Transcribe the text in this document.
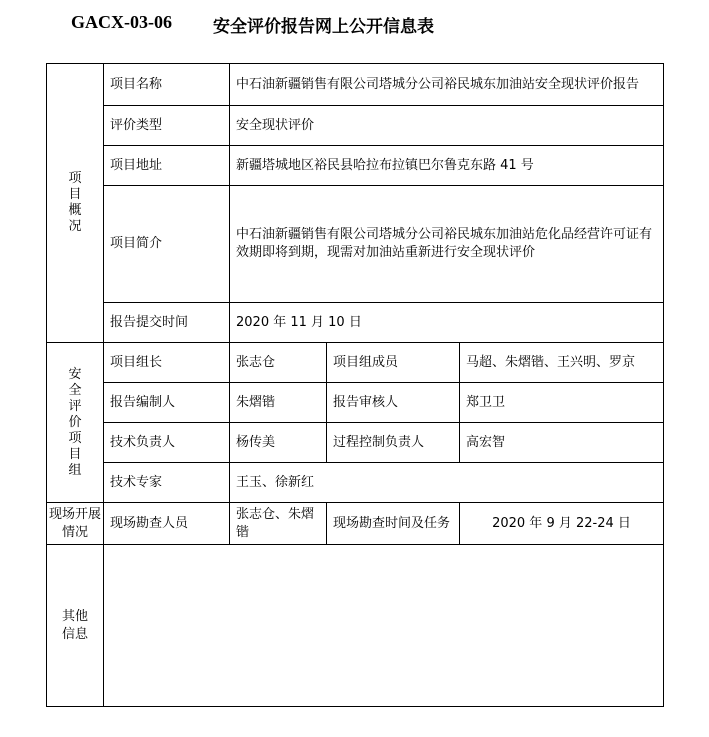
GACX-03-06 安全评价报告网上公开信息表
项目概况	项目名称	中石油新疆销售有限公司塔城分公司裕民城东加油站安全现状评价报告		
	评价类型	安全现状评价		
	项目地址	新疆塔城地区裕民县哈拉布拉镇巴尔鲁克东路 41 号		
	项目简介	中石油新疆销售有限公司塔城分公司裕民城东加油站危化品经营许可证有效期即将到期，现需对加油站重新进行安全现状评价		
	报告提交时间	2020 年 11 月 10 日		

安全评价项目组	项目组长	张志仓	项目组成员	马超、朱熠锴、王兴明、罗京
	报告编制人	朱熠锴	报告审核人	郑卫卫
	技术负责人	杨传美	过程控制负责人	高宏智
	技术专家	王玉、徐新红		
现场开展情况	现场勘查人员	张志仓、朱熠锴	现场勘查时间及任务	2020 年 9 月 22-24 日
其他信息				
